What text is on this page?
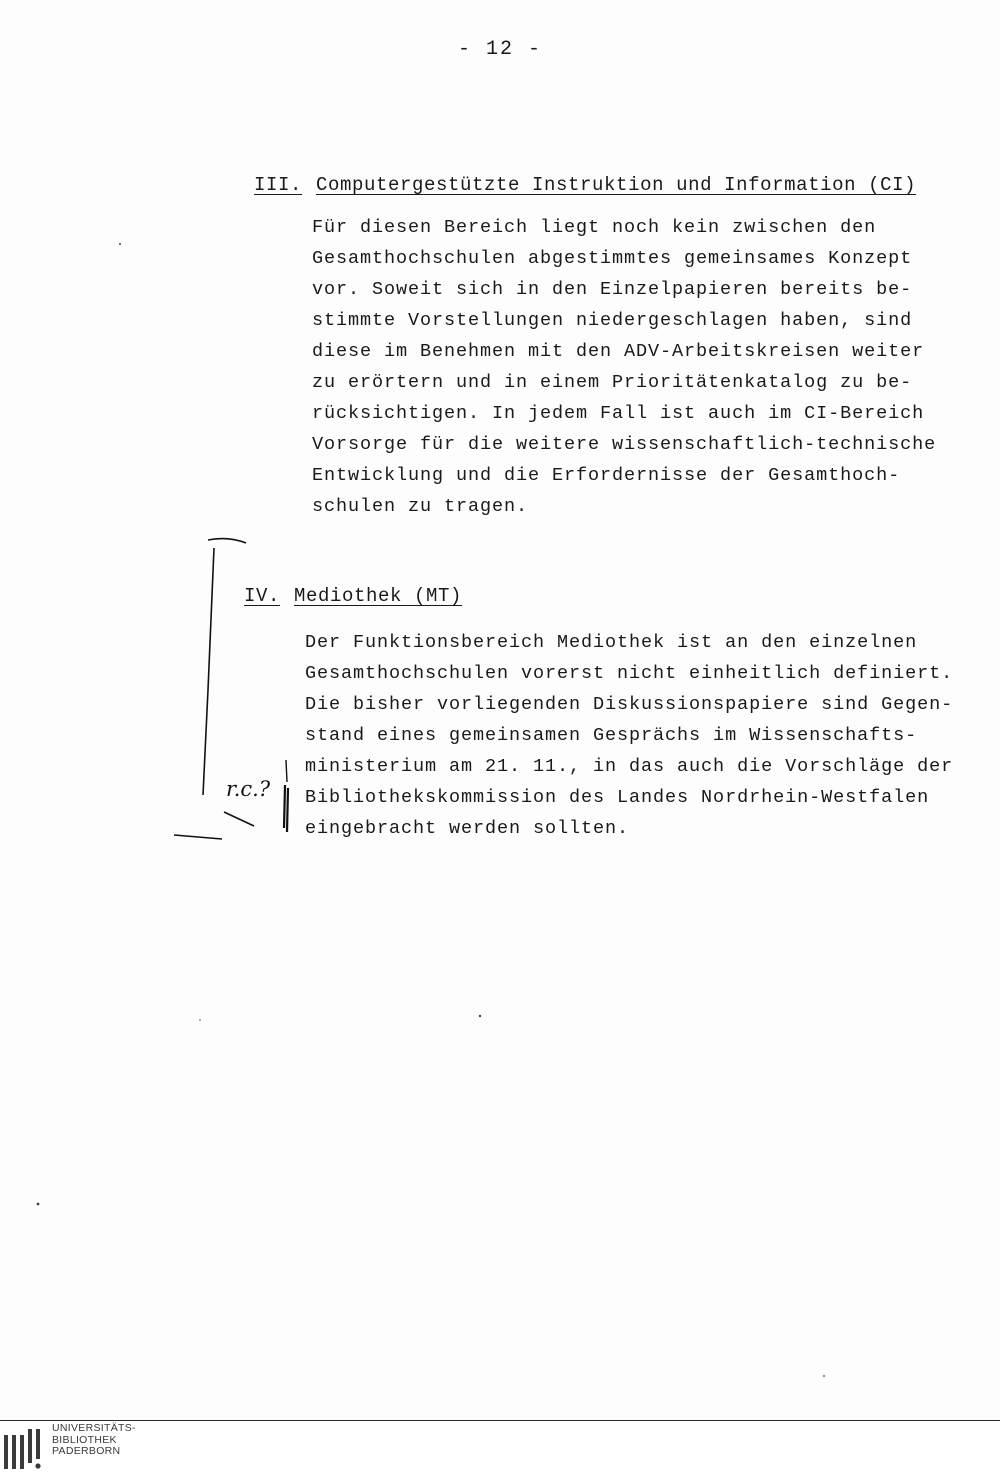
- 12 -
III. Computergestützte Instruktion und Information (CI)
Für diesen Bereich liegt noch kein zwischen den
Gesamthochschulen abgestimmtes gemeinsames Konzept
vor. Soweit sich in den Einzelpapieren bereits be-
stimmte Vorstellungen niedergeschlagen haben, sind
diese im Benehmen mit den ADV-Arbeitskreisen weiter
zu erörtern und in einem Prioritätenkatalog zu be-
rücksichtigen. In jedem Fall ist auch im CI-Bereich
Vorsorge für die weitere wissenschaftlich-technische
Entwicklung und die Erfordernisse der Gesamthoch-
schulen zu tragen.
IV. Mediothek (MT)
Der Funktionsbereich Mediothek ist an den einzelnen
Gesamthochschulen vorerst nicht einheitlich definiert.
Die bisher vorliegenden Diskussionspapiere sind Gegen-
stand eines gemeinsamen Gesprächs im Wissenschafts-
ministerium am 21. 11., in das auch die Vorschläge der
Bibliothekskommission des Landes Nordrhein-Westfalen
eingebracht werden sollten.
r.c.?
UNIVERSITÄTS-
BIBLIOTHEK
PADERBORN
